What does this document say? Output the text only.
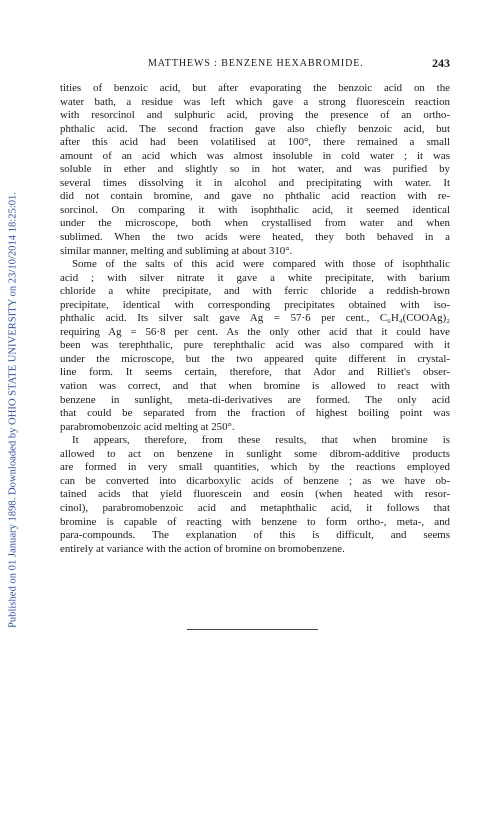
Published on 01 January 1898. Downloaded by OHIO STATE UNIVERSITY on 23/10/2014 18:25:01.
MATTHEWS : BENZENE HEXABROMIDE.	243
tities of benzoic acid, but after evaporating the benzoic acid on the
water bath, a residue was left which gave a strong fluorescein reaction
with resorcinol and sulphuric acid, proving the presence of an ortho-
phthalic acid. The second fraction gave also chiefly benzoic acid, but
after this acid had been volatilised at 100°, there remained a small
amount of an acid which was almost insoluble in cold water ; it was
soluble in ether and slightly so in hot water, and was purified by
several times dissolving it in alcohol and precipitating with water. It
did not contain bromine, and gave no phthalic acid reaction with re-
sorcinol. On comparing it with isophthalic acid, it seemed identical
under the microscope, both when crystallised from water and when
sublimed. When the two acids were heated, they both behaved in a
similar manner, melting and subliming at about 310°.
Some of the salts of this acid were compared with those of isophthalic
acid ; with silver nitrate it gave a white precipitate, with barium
chloride a white precipitate, and with ferric chloride a reddish-brown
precipitate, identical with corresponding precipitates obtained with iso-
phthalic acid. Its silver salt gave Ag = 57·6 per cent., C₆H₄(COOAg)₂
requiring Ag = 56·8 per cent. As the only other acid that it could have
been was terephthalic, pure terephthalic acid was also compared with it
under the microscope, but the two appeared quite different in crystal-
line form. It seems certain, therefore, that Ador and Rilliet's obser-
vation was correct, and that when bromine is allowed to react with
benzene in sunlight, meta-di-derivatives are formed. The only acid
that could be separated from the fraction of highest boiling point was
parabromobenzoic acid melting at 250°.
It appears, therefore, from these results, that when bromine is
allowed to act on benzene in sunlight some dibrom-additive products
are formed in very small quantities, which by the reactions employed
can be converted into dicarboxylic acids of benzene ; as we have ob-
tained acids that yield fluorescein and eosin (when heated with resor-
cinol), parabromobenzoic acid and metaphthalic acid, it follows that
bromine is capable of reacting with benzene to form ortho-, meta-, and
para-compounds. The explanation of this is difficult, and seems
entirely at variance with the action of bromine on bromobenzene.
